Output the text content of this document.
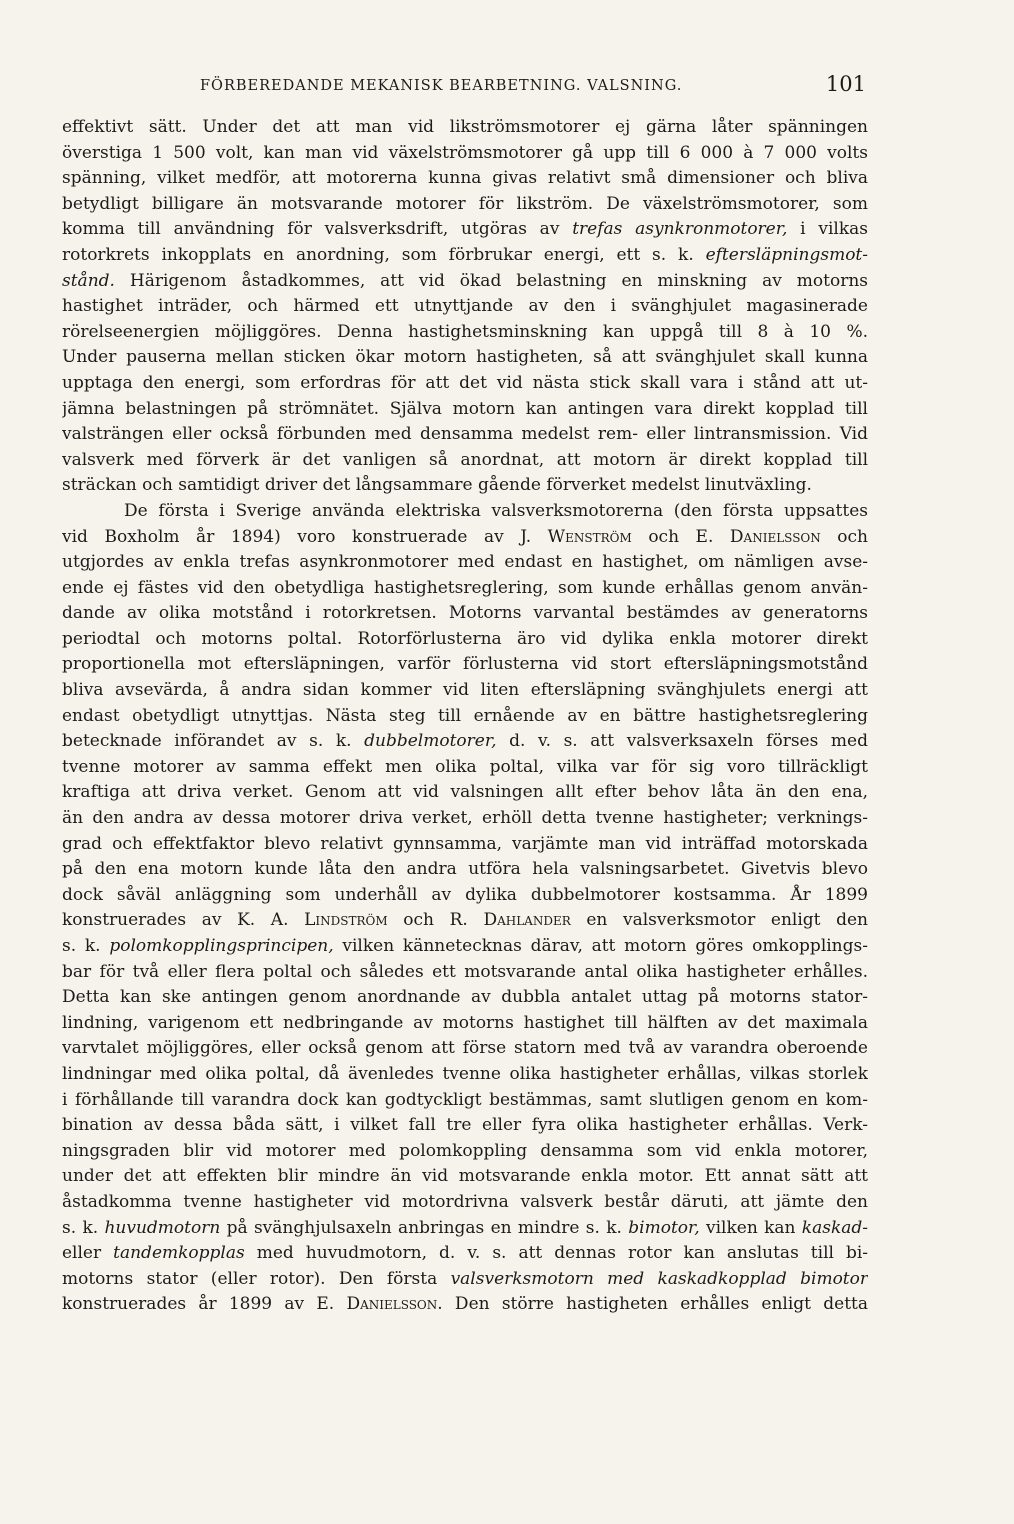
FÖRBEREDANDE MEKANISK BEARBETNING. VALSNING.	101
effektivt sätt. Under det att man vid likströmsmotorer ej gärna låter spänningen
överstiga 1 500 volt, kan man vid växelströmsmotorer gå upp till 6 000 à 7 000 volts
spänning, vilket medför, att motorerna kunna givas relativt små dimensioner och bliva
betydligt billigare än motsvarande motorer för likström. De växelströmsmotorer, som
komma till användning för valsverksdrift, utgöras av trefas asynkronmotorer, i vilkas
rotorkrets inkopplats en anordning, som förbrukar energi, ett s. k. eftersläpningsmot-
stånd. Härigenom åstadkommes, att vid ökad belastning en minskning av motorns
hastighet inträder, och härmed ett utnyttjande av den i svänghjulet magasinerade
rörelseenergien möjliggöres. Denna hastighetsminskning kan uppgå till 8 à 10 %.
Under pauserna mellan sticken ökar motorn hastigheten, så att svänghjulet skall kunna
upptaga den energi, som erfordras för att det vid nästa stick skall vara i stånd att ut-
jämna belastningen på strömnätet. Själva motorn kan antingen vara direkt kopplad till
valsträngen eller också förbunden med densamma medelst rem- eller lintransmission. Vid
valsverk med förverk är det vanligen så anordnat, att motorn är direkt kopplad till
sträckan och samtidigt driver det långsammare gående förverket medelst linutväxling.
De första i Sverige använda elektriska valsverksmotorerna (den första uppsattes
vid Boxholm år 1894) voro konstruerade av J. Wenström och E. Danielsson och
utgjordes av enkla trefas asynkronmotorer med endast en hastighet, om nämligen avse-
ende ej fästes vid den obetydliga hastighetsreglering, som kunde erhållas genom använ-
dande av olika motstånd i rotorkretsen. Motorns varvantal bestämdes av generatorns
periodtal och motorns poltal. Rotorförlusterna äro vid dylika enkla motorer direkt
proportionella mot eftersläpningen, varför förlusterna vid stort eftersläpningsmotstånd
bliva avsevärda, å andra sidan kommer vid liten eftersläpning svänghjulets energi att
endast obetydligt utnyttjas. Nästa steg till ernående av en bättre hastighetsreglering
betecknade införandet av s. k. dubbelmotorer, d. v. s. att valsverksaxeln förses med
tvenne motorer av samma effekt men olika poltal, vilka var för sig voro tillräckligt
kraftiga att driva verket. Genom att vid valsningen allt efter behov låta än den ena,
än den andra av dessa motorer driva verket, erhöll detta tvenne hastigheter; verknings-
grad och effektfaktor blevo relativt gynnsamma, varjämte man vid inträffad motorskada
på den ena motorn kunde låta den andra utföra hela valsningsarbetet. Givetvis blevo
dock såväl anläggning som underhåll av dylika dubbelmotorer kostsamma. År 1899
konstruerades av K. A. Lindström och R. Dahlander en valsverksmotor enligt den
s. k. polomkopplingsprincipen, vilken kännetecknas därav, att motorn göres omkopplings-
bar för två eller flera poltal och således ett motsvarande antal olika hastigheter erhålles.
Detta kan ske antingen genom anordnande av dubbla antalet uttag på motorns stator-
lindning, varigenom ett nedbringande av motorns hastighet till hälften av det maximala
varvtalet möjliggöres, eller också genom att förse statorn med två av varandra oberoende
lindningar med olika poltal, då ävenledes tvenne olika hastigheter erhållas, vilkas storlek
i förhållande till varandra dock kan godtyckligt bestämmas, samt slutligen genom en kom-
bination av dessa båda sätt, i vilket fall tre eller fyra olika hastigheter erhållas. Verk-
ningsgraden blir vid motorer med polomkoppling densamma som vid enkla motorer,
under det att effekten blir mindre än vid motsvarande enkla motor. Ett annat sätt att
åstadkomma tvenne hastigheter vid motordrivna valsverk består däruti, att jämte den
s. k. huvudmotorn på svänghjulsaxeln anbringas en mindre s. k. bimotor, vilken kan kaskad-
eller tandemkopplas med huvudmotorn, d. v. s. att dennas rotor kan anslutas till bi-
motorns stator (eller rotor). Den första valsverksmotorn med kaskadkopplad bimotor
konstruerades år 1899 av E. Danielsson. Den större hastigheten erhålles enligt detta
